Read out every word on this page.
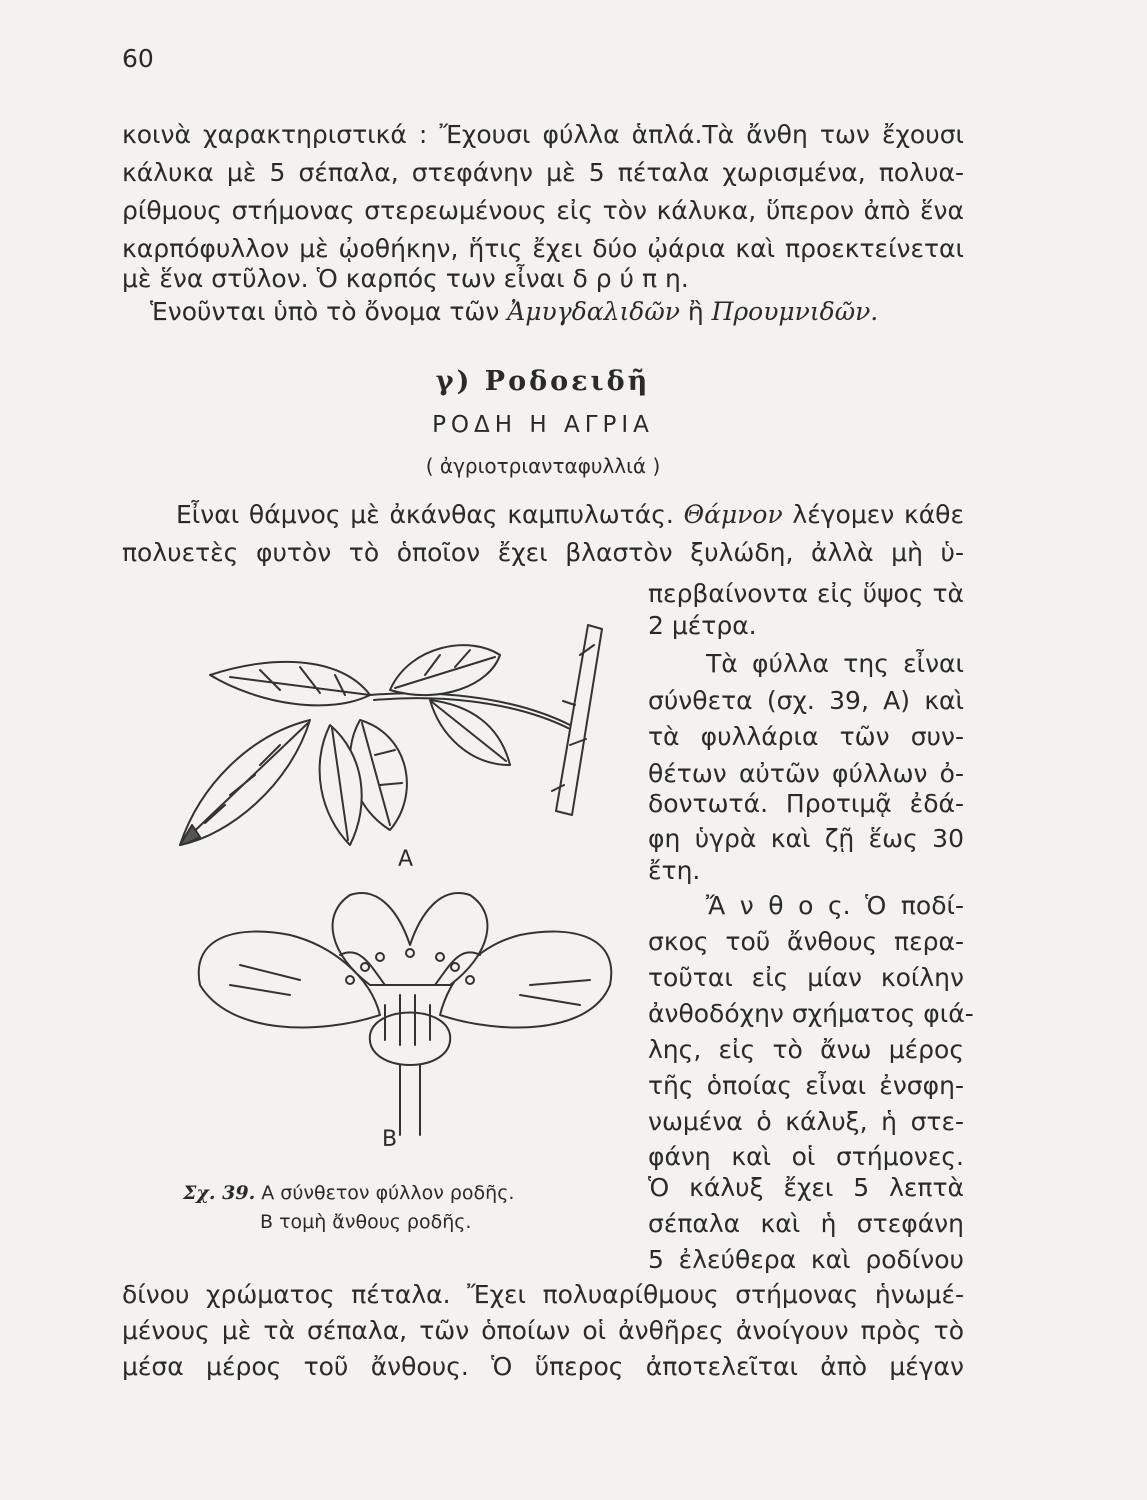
60
κοινὰ χαρακτηριστικά : Ἔχουσι φύλλα ἁπλά.Τὰ ἄνθη των ἔχουσι
κάλυκα μὲ 5 σέπαλα, στεφάνην μὲ 5 πέταλα χωρισμένα, πολυα-
ρίθμους στήμονας στερεωμένους εἰς τὸν κάλυκα, ὕπερον ἀπὸ ἕνα
καρπόφυλλον μὲ ᾠοθήκην, ἥτις ἔχει δύο ᾠάρια καὶ προεκτείνεται
μὲ ἕνα στῦλον. Ὁ καρπός των εἶναι δ ρ ύ π η.
Ἑνοῦνται ὑπὸ τὸ ὄνομα τῶν Ἀμυγδαλιδῶν ἢ Προυμνιδῶν.
γ) Ροδοειδῆ
ΡΟΔΗ Η ΑΓΡΙΑ
( ἀγριοτριανταφυλλιά )
Εἶναι θάμνος μὲ ἀκάνθας καμπυλωτάς. Θάμνον λέγομεν κάθε
πολυετὲς φυτὸν τὸ ὁποῖον ἔχει βλαστὸν ξυλώδη, ἀλλὰ μὴ ὑ-
περβαίνοντα εἰς ὕψος τὰ
2 μέτρα.
Τὰ φύλλα της εἶναι
σύνθετα (σχ. 39, Α) καὶ
τὰ φυλλάρια τῶν συν-
θέτων αὐτῶν φύλλων ὀ-
δοντωτά. Προτιμᾷ ἐδά-
φη ὑγρὰ καὶ ζῇ ἕως 30
ἔτη.
Ἄ ν θ ο ς. Ὁ ποδί-
σκος τοῦ ἄνθους περα-
τοῦται εἰς μίαν κοίλην
ἀνθοδόχην σχήματος φιά-
λης, εἰς τὸ ἄνω μέρος
τῆς ὁποίας εἶναι ἐνσφη-
νωμένα ὁ κάλυξ, ἡ στε-
φάνη καὶ οἱ στήμονες.
Ὁ κάλυξ ἔχει 5 λεπτὰ
σέπαλα καὶ ἡ στεφάνη
5 ἐλεύθερα καὶ ροδίνου
Α
Β
Σχ. 39. Α σύνθετον φύλλον ροδῆς.
Β τομὴ ἄνθους ροδῆς.
δίνου χρώματος πέταλα. Ἔχει πολυαρίθμους στήμονας ἡνωμέ-
μένους μὲ τὰ σέπαλα, τῶν ὁποίων οἱ ἀνθῆρες ἀνοίγουν πρὸς τὸ
μέσα μέρος τοῦ ἄνθους. Ὁ ὕπερος ἀποτελεῖται ἀπὸ μέγαν
